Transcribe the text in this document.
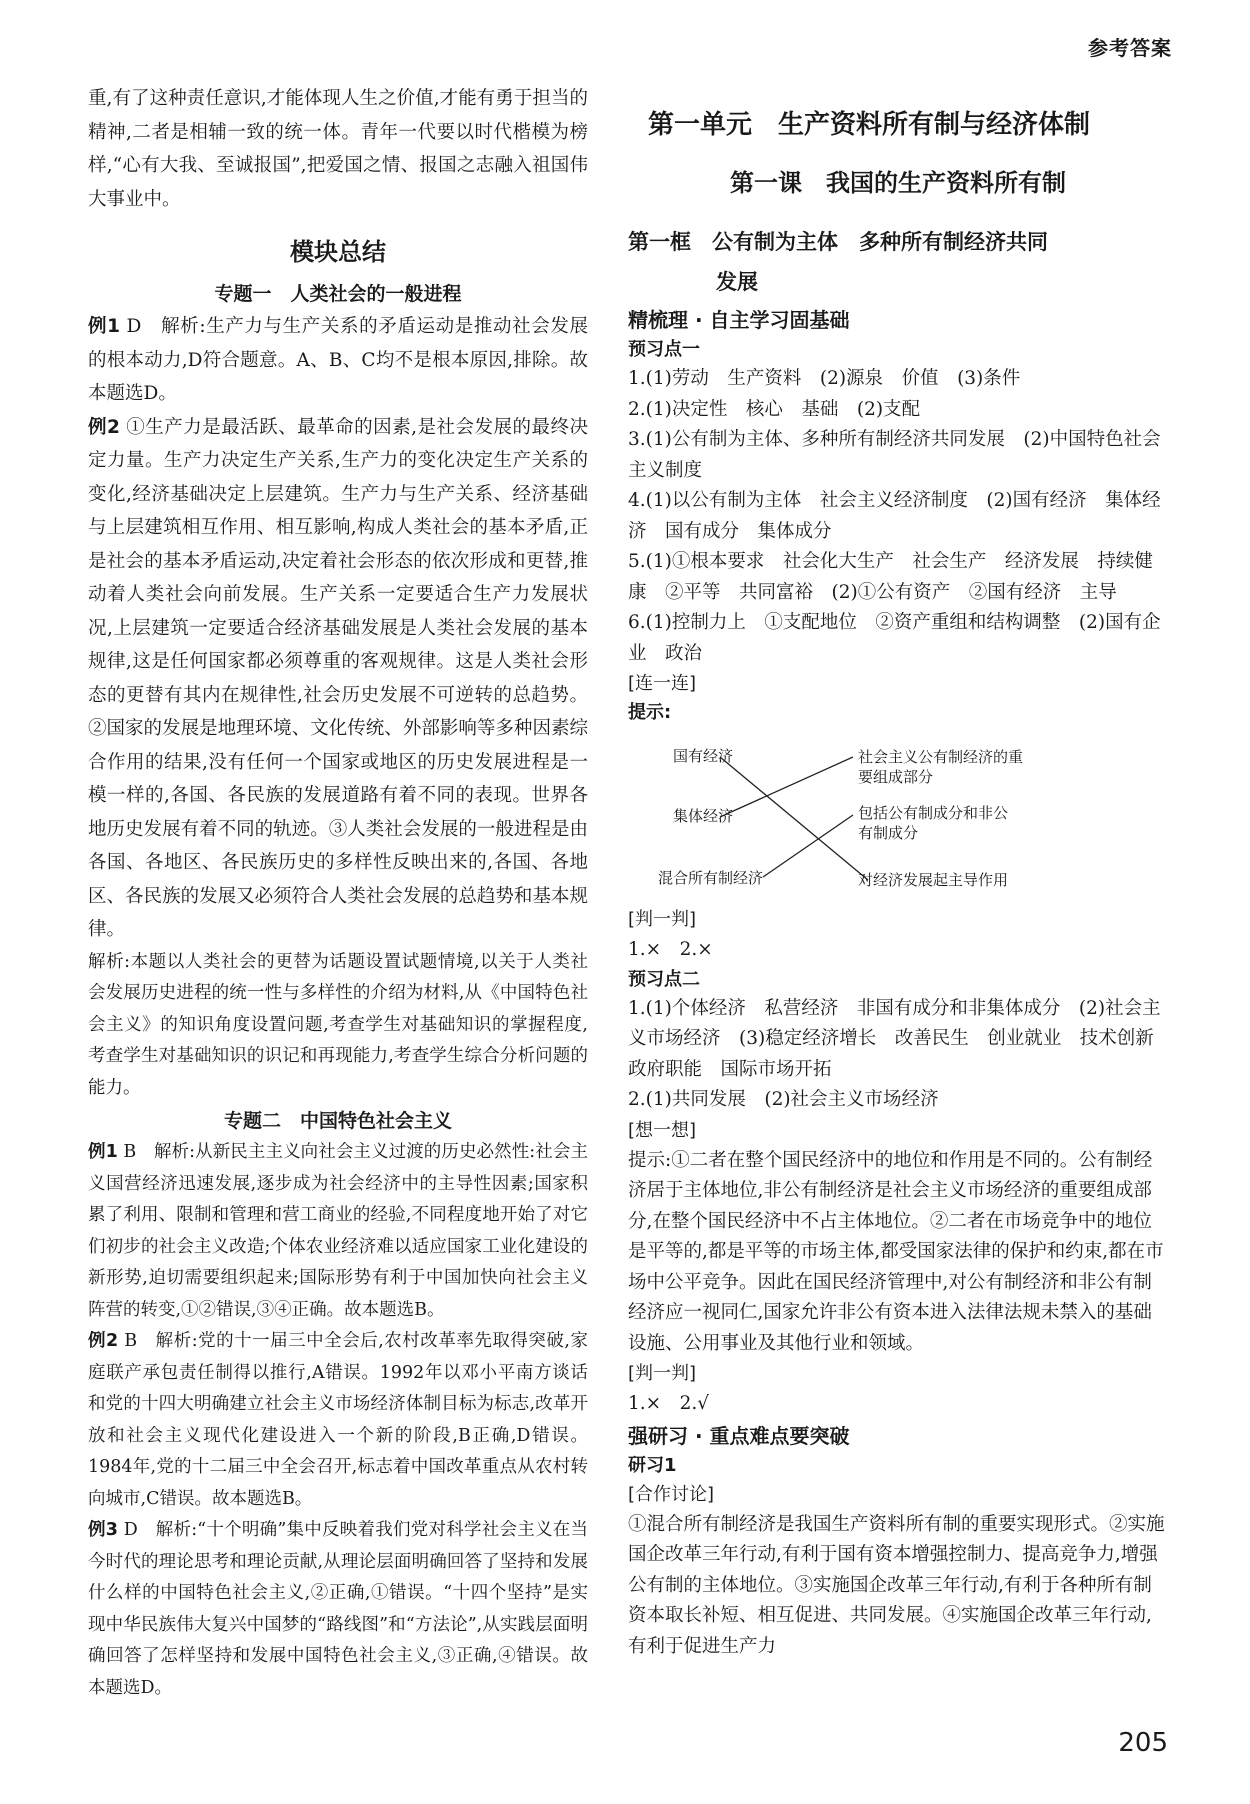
参考答案

重,有了这种责任意识,才能体现人生之价值,才能有勇于担当的精神,二者是相辅一致的统一体。青年一代要以时代楷模为榜样,“心有大我、至诚报国”,把爱国之情、报国之志融入祖国伟大事业中。

模块总结
专题一　人类社会的一般进程

例1 D　解析:生产力与生产关系的矛盾运动是推动社会发展的根本动力,D符合题意。A、B、C均不是根本原因,排除。故本题选D。

例2 ①生产力是最活跃、最革命的因素,是社会发展的最终决定力量。生产力决定生产关系,生产力的变化决定生产关系的变化,经济基础决定上层建筑。生产力与生产关系、经济基础与上层建筑相互作用、相互影响,构成人类社会的基本矛盾,正是社会的基本矛盾运动,决定着社会形态的依次形成和更替,推动着人类社会向前发展。生产关系一定要适合生产力发展状况,上层建筑一定要适合经济基础发展是人类社会发展的基本规律,这是任何国家都必须尊重的客观规律。这是人类社会形态的更替有其内在规律性,社会历史发展不可逆转的总趋势。②国家的发展是地理环境、文化传统、外部影响等多种因素综合作用的结果,没有任何一个国家或地区的历史发展进程是一模一样的,各国、各民族的发展道路有着不同的表现。世界各地历史发展有着不同的轨迹。③人类社会发展的一般进程是由各国、各地区、各民族历史的多样性反映出来的,各国、各地区、各民族的发展又必须符合人类社会发展的总趋势和基本规律。

解析:本题以人类社会的更替为话题设置试题情境,以关于人类社会发展历史进程的统一性与多样性的介绍为材料,从《中国特色社会主义》的知识角度设置问题,考查学生对基础知识的掌握程度,考查学生对基础知识的识记和再现能力,考查学生综合分析问题的能力。

专题二　中国特色社会主义

例1 B　解析:从新民主主义向社会主义过渡的历史必然性:社会主义国营经济迅速发展,逐步成为社会经济中的主导性因素;国家积累了利用、限制和管理和营工商业的经验,不同程度地开始了对它们初步的社会主义改造;个体农业经济难以适应国家工业化建设的新形势,迫切需要组织起来;国际形势有利于中国加快向社会主义阵营的转变,①②错误,③④正确。故本题选B。

例2 B　解析:党的十一届三中全会后,农村改革率先取得突破,家庭联产承包责任制得以推行,A错误。1992年以邓小平南方谈话和党的十四大明确建立社会主义市场经济体制目标为标志,改革开放和社会主义现代化建设进入一个新的阶段,B正确,D错误。1984年,党的十二届三中全会召开,标志着中国改革重点从农村转向城市,C错误。故本题选B。

例3 D　解析:“十个明确”集中反映着我们党对科学社会主义在当今时代的理论思考和理论贡献,从理论层面明确回答了坚持和发展什么样的中国特色社会主义,②正确,①错误。“十四个坚持”是实现中华民族伟大复兴中国梦的“路线图”和“方法论”,从实践层面明确回答了怎样坚持和发展中国特色社会主义,③正确,④错误。故本题选D。

第一单元　生产资料所有制与经济体制
第一课　我国的生产资料所有制
第一框　公有制为主体　多种所有制经济共同
发展
精梳理 · 自主学习固基础
预习点一

1.(1)劳动　生产资料　(2)源泉　价值　(3)条件

2.(1)决定性　核心　基础　(2)支配

3.(1)公有制为主体、多种所有制经济共同发展　(2)中国特色社会主义制度

4.(1)以公有制为主体　社会主义经济制度　(2)国有经济　集体经济　国有成分　集体成分

5.(1)①根本要求　社会化大生产　社会生产　经济发展　持续健康　②平等　共同富裕　(2)①公有资产　②国有经济　主导

6.(1)控制力上　①支配地位　②资产重组和结构调整　(2)国有企业　政治

[连一连]
提示:
国有经济
集体经济
混合所有制经济
社会主义公有制经济的重要组成部分
包括公有制成分和非公有制成分
对经济发展起主导作用
[判一判]

1.×　2.×

预习点二

1.(1)个体经济　私营经济　非国有成分和非集体成分　(2)社会主义市场经济　(3)稳定经济增长　改善民生　创业就业　技术创新　政府职能　国际市场开拓

2.(1)共同发展　(2)社会主义市场经济

[想一想]

提示:①二者在整个国民经济中的地位和作用是不同的。公有制经济居于主体地位,非公有制经济是社会主义市场经济的重要组成部分,在整个国民经济中不占主体地位。②二者在市场竞争中的地位是平等的,都是平等的市场主体,都受国家法律的保护和约束,都在市场中公平竞争。因此在国民经济管理中,对公有制经济和非公有制经济应一视同仁,国家允许非公有资本进入法律法规未禁入的基础设施、公用事业及其他行业和领域。

[判一判]

1.×　2.√

强研习 · 重点难点要突破
研习1
[合作讨论]

①混合所有制经济是我国生产资料所有制的重要实现形式。②实施国企改革三年行动,有利于国有资本增强控制力、提高竞争力,增强公有制的主体地位。③实施国企改革三年行动,有利于各种所有制资本取长补短、相互促进、共同发展。④实施国企改革三年行动,有利于促进生产力

205
